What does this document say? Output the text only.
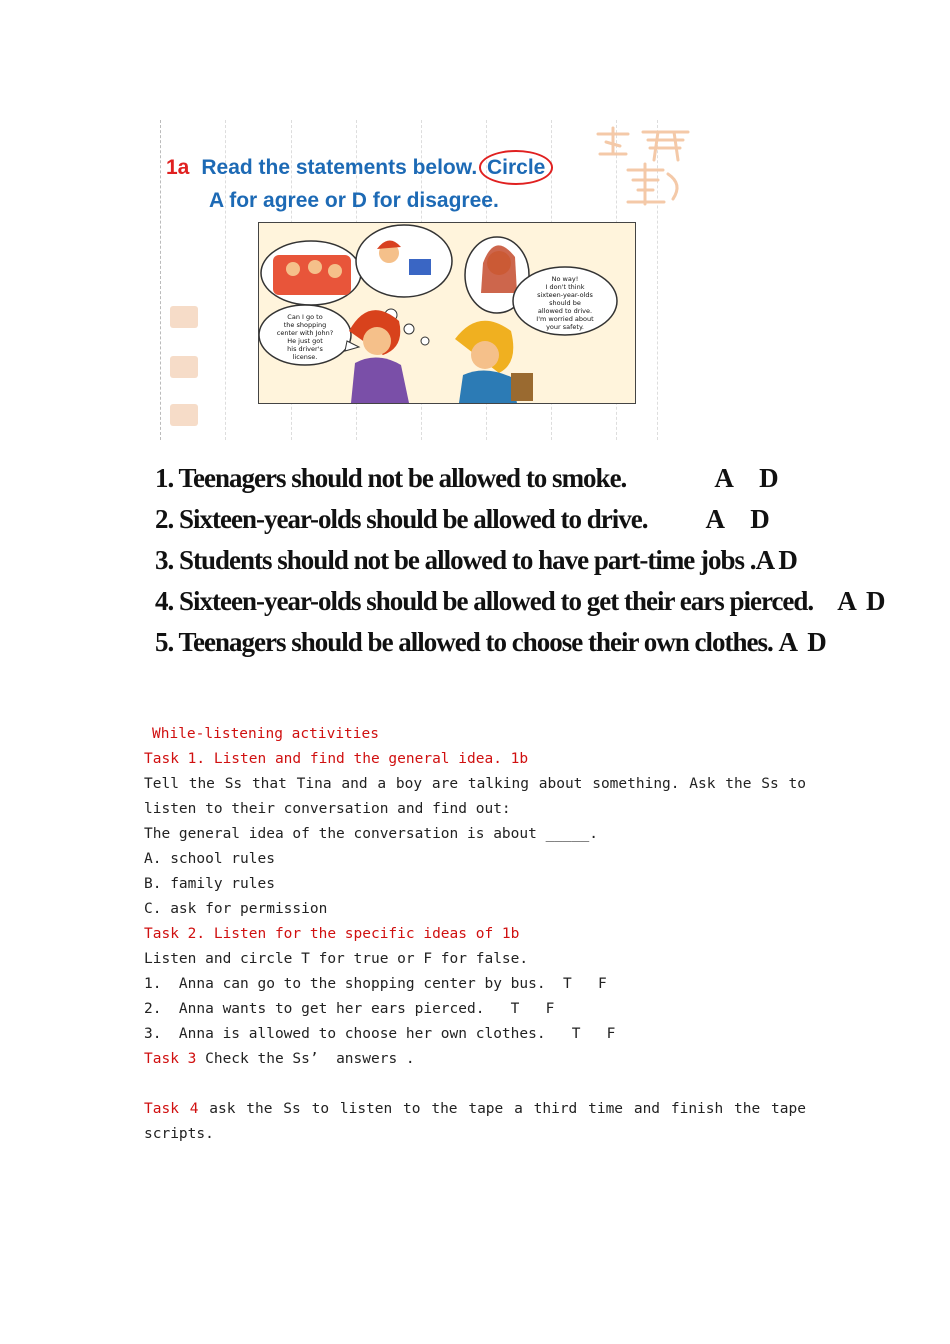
1a Read the statements below. Circle
A for agree or D for disagree.
Can I go to
the shopping
center with John?
He just got
his driver's
license.
No way!
I don't think
sixteen-year-olds
should be
allowed to drive.
I'm worried about
your safety.
1. Teenagers should not be allowed to smoke.	A D
2. Sixteen-year-olds should be allowed to drive. A D
3. Students should not be allowed to have part-time jobs .A D
4. Sixteen-year-olds should be allowed to get their ears pierced. A D
5. Teenagers should be allowed to choose their own clothes. A D
While-listening activities
Task 1. Listen and find the general idea. 1b
Tell the Ss that Tina and a boy are talking about something. Ask the Ss to
listen to their conversation and find out:
The general idea of the conversation is about _____.
A. school rules
B. family rules
C. ask for permission
Task 2. Listen for the specific ideas of 1b
Listen and circle T for true or F for false.
1.  Anna can go to the shopping center by bus.  T   F
2.  Anna wants to get her ears pierced.   T   F
3.  Anna is allowed to choose her own clothes.   T   F
Task 3 Check the Ss’  answers .
Task 4 ask the Ss to listen to the tape a third time and finish the tape
scripts.
